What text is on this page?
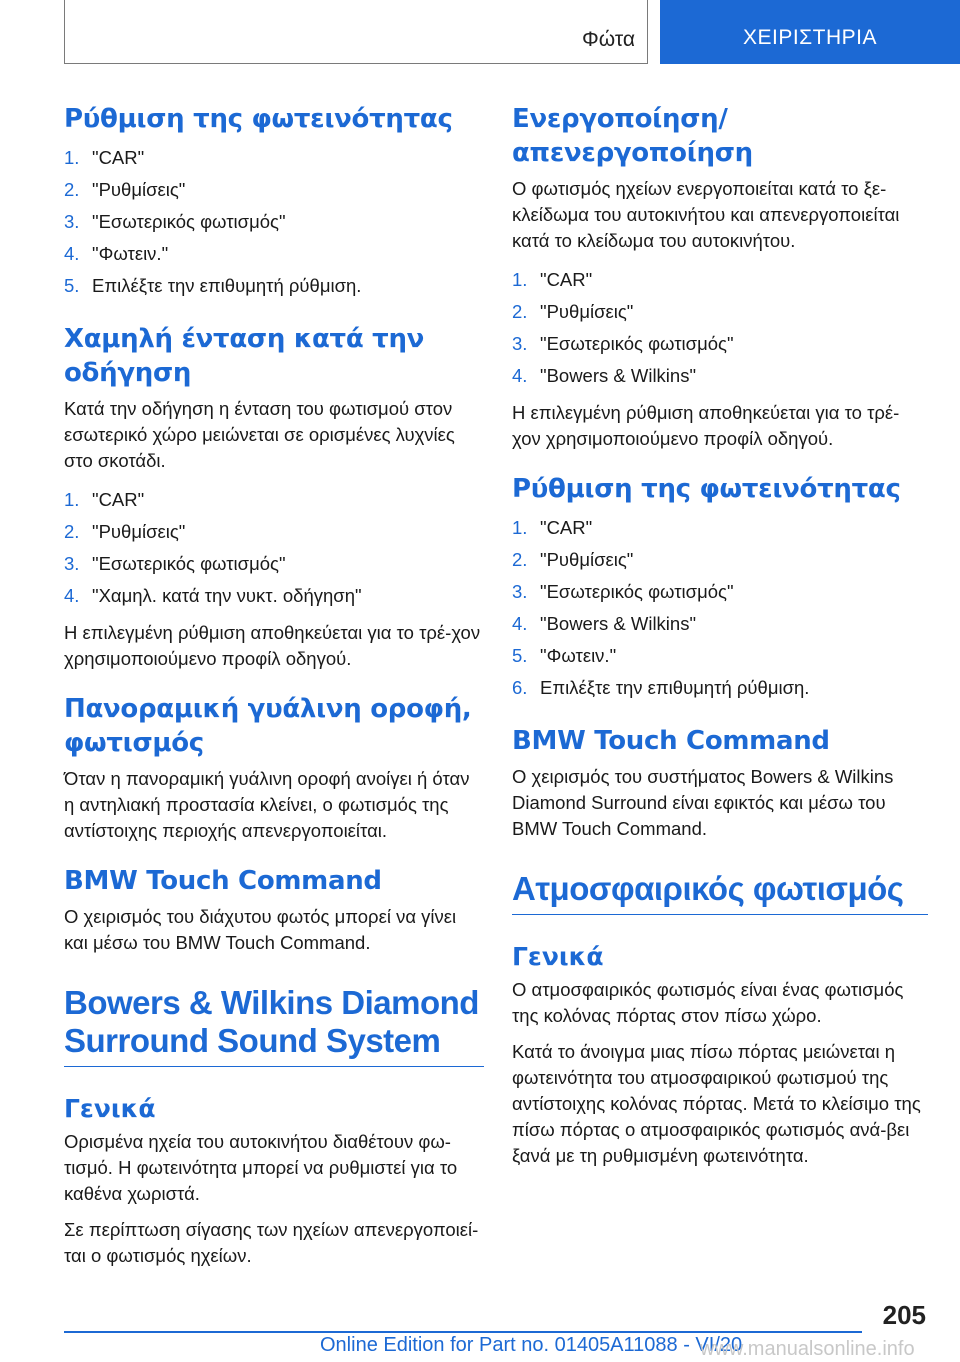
Φώτα	ΧΕΙΡΙΣΤΗΡΙΑ
Ρύθμιση της φωτεινότητας
1. "CAR"
2. "Ρυθμίσεις"
3. "Εσωτερικός φωτισμός"
4. "Φωτειν."
5. Επιλέξτε την επιθυμητή ρύθμιση.
Χαμηλή ένταση κατά την οδήγηση

Κατά την οδήγηση η ένταση του φωτισμού στον εσωτερικό χώρο μειώνεται σε ορισμένες λυχνίες στο σκοτάδι.

1. "CAR"
2. "Ρυθμίσεις"
3. "Εσωτερικός φωτισμός"
4. "Χαμηλ. κατά την νυκτ. οδήγηση"

Η επιλεγμένη ρύθμιση αποθηκεύεται για το τρέ-χον χρησιμοποιούμενο προφίλ οδηγού.

Πανοραμική γυάλινη οροφή, φωτισμός

Όταν η πανοραμική γυάλινη οροφή ανοίγει ή όταν η αντηλιακή προστασία κλείνει, ο φωτισμός της αντίστοιχης περιοχής απενεργοποιείται.

BMW Touch Command

Ο χειρισμός του διάχυτου φωτός μπορεί να γίνει και μέσω του BMW Touch Command.

Bowers & Wilkins Diamond Surround Sound System
Γενικά

Ορισμένα ηχεία του αυτοκινήτου διαθέτουν φω-τισμό. Η φωτεινότητα μπορεί να ρυθμιστεί για το καθένα χωριστά.

Σε περίπτωση σίγασης των ηχείων απενεργοποιεί-ται ο φωτισμός ηχείων.

Ενεργοποίηση/απενεργοποίηση

Ο φωτισμός ηχείων ενεργοποιείται κατά το ξε-κλείδωμα του αυτοκινήτου και απενεργοποιείται κατά το κλείδωμα του αυτοκινήτου.

1. "CAR"
2. "Ρυθμίσεις"
3. "Εσωτερικός φωτισμός"
4. "Bowers & Wilkins"

Η επιλεγμένη ρύθμιση αποθηκεύεται για το τρέ-χον χρησιμοποιούμενο προφίλ οδηγού.

Ρύθμιση της φωτεινότητας
1. "CAR"
2. "Ρυθμίσεις"
3. "Εσωτερικός φωτισμός"
4. "Bowers & Wilkins"
5. "Φωτειν."
6. Επιλέξτε την επιθυμητή ρύθμιση.
BMW Touch Command

Ο χειρισμός του συστήματος Bowers & Wilkins Diamond Surround είναι εφικτός και μέσω του BMW Touch Command.

Ατμοσφαιρικός φωτισμός
Γενικά

Ο ατμοσφαιρικός φωτισμός είναι ένας φωτισμός της κολόνας πόρτας στον πίσω χώρο.

Κατά το άνοιγμα μιας πίσω πόρτας μειώνεται η φωτεινότητα του ατμοσφαιρικού φωτισμού της αντίστοιχης κολόνας πόρτας. Μετά το κλείσιμο της πίσω πόρτας ο ατμοσφαιρικός φωτισμός ανά-βει ξανά με τη ρυθμισμένη φωτεινότητα.

205
Online Edition for Part no. 01405A11088 - VI/20
www.manualsonline.info
